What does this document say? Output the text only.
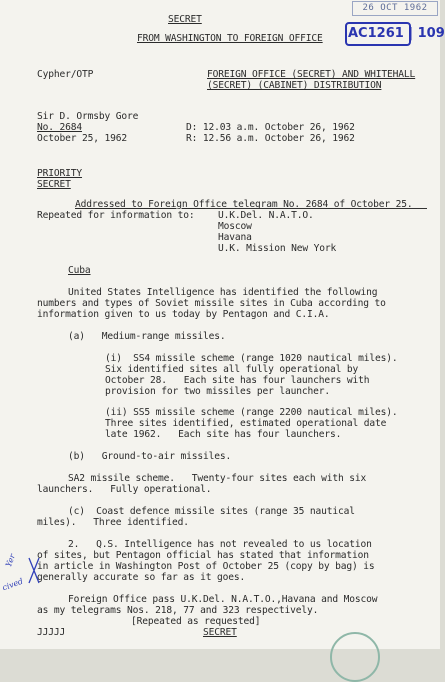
26 OCT 1962
AC1261 | 109
SECRET
FROM WASHINGTON TO FOREIGN OFFICE
Cypher/OTP	FOREIGN OFFICE (SECRET) AND WHITEHALL
(SECRET) (CABINET) DISTRIBUTION
Sir D. Ormsby Gore
No. 2684
October 25, 1962
D: 12.03 a.m. October 26, 1962
R: 12.56 a.m. October 26, 1962
PRIORITY
SECRET
Addressed to Foreign Office telegram No. 2684 of October 25.
Repeated for information to: U.K.Del. N.A.T.O.
Moscow
Havana
U.K. Mission New York
Cuba
United States Intelligence has identified the following
numbers and types of Soviet missile sites in Cuba according to
information given to us today by Pentagon and C.I.A.
(a)   Medium-range missiles.
(i)  SS4 missile scheme (range 1020 nautical miles).
Six identified sites all fully operational by
October 28.   Each site has four launchers with
provision for two missiles per launcher.
(ii) SS5 missile scheme (range 2200 nautical miles).
Three sites identified, estimated operational date
late 1962.   Each site has four launchers.
(b)   Ground-to-air missiles.
SA2 missile scheme.   Twenty-four sites each with six
launchers.   Fully operational.
(c)  Coast defence missile sites (range 35 nautical
miles).   Three identified.
2.   Q.S. Intelligence has not revealed to us location
of sites, but Pentagon official has stated that information
in article in Washington Post of October 25 (copy by bag) is
generally accurate so far as it goes.
Foreign Office pass U.K.Del. N.A.T.O.,Havana and Moscow
as my telegrams Nos. 218, 77 and 323 respectively.
[Repeated as requested]
JJJJJ	SECRET
Yer
cived
